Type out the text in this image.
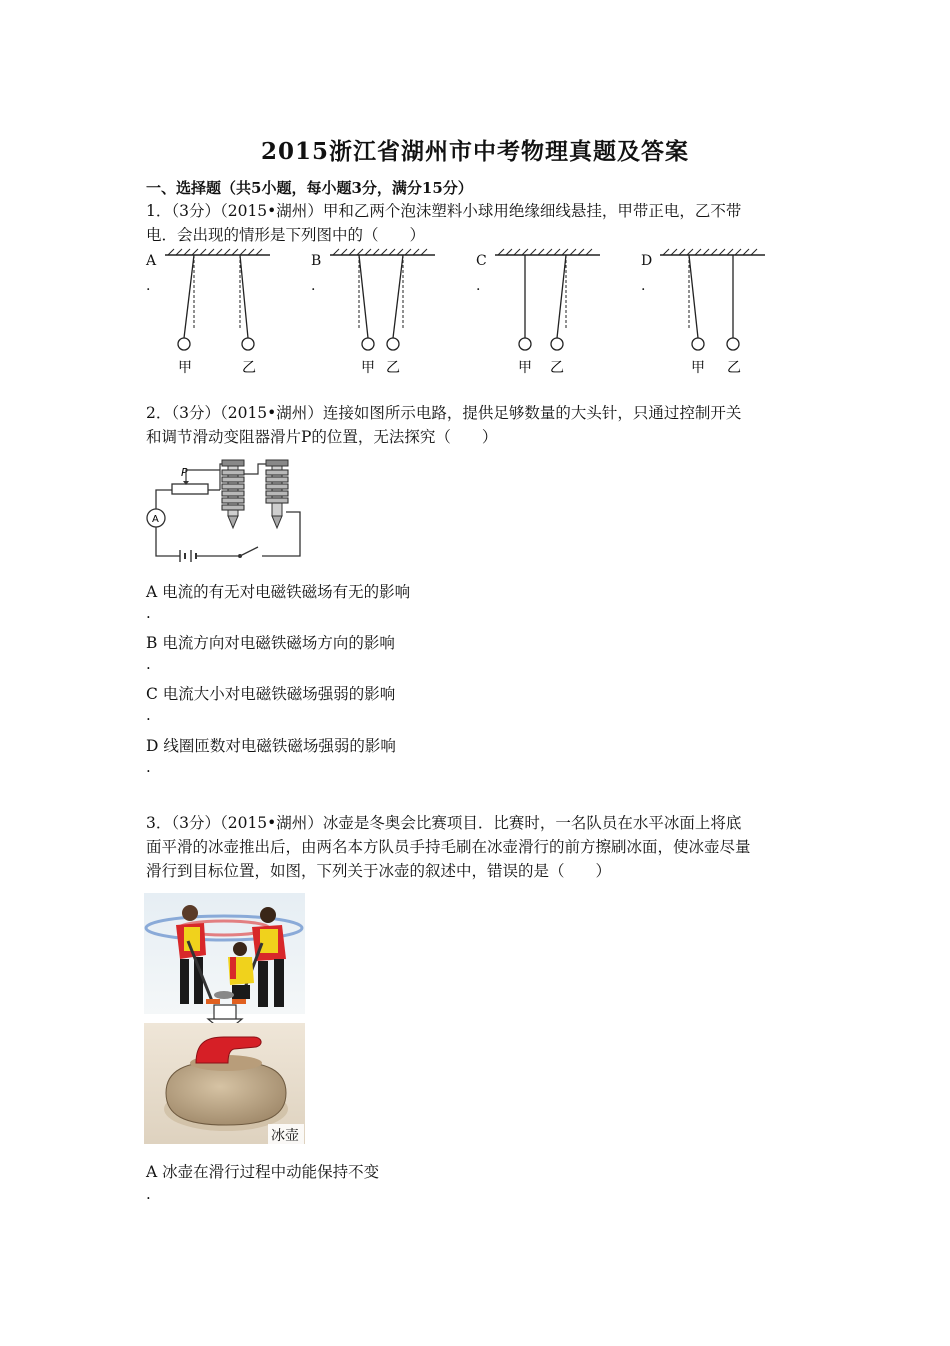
2015浙江省湖州市中考物理真题及答案
一、选择题（共5小题，每小题3分，满分15分）
1．（3分）（2015•湖州）甲和乙两个泡沫塑料小球用绝缘细线悬挂，甲带正电，乙不带
电．会出现的情形是下列图中的（　　）
A
.
B
.
C
.
D
.
甲	乙	甲 乙	甲 乙	甲 乙
2．（3分）（2015•湖州）连接如图所示电路，提供足够数量的大头针，只通过控制开关
和调节滑动变阻器滑片P的位置，无法探究（　　）
P
A
A 电流的有无对电磁铁磁场有无的影响
.
B 电流方向对电磁铁磁场方向的影响
.
C 电流大小对电磁铁磁场强弱的影响
.
D 线圈匝数对电磁铁磁场强弱的影响
.
3．（3分）（2015•湖州）冰壶是冬奥会比赛项目．比赛时，一名队员在水平冰面上将底
面平滑的冰壶推出后，由两名本方队员手持毛刷在冰壶滑行的前方擦刷冰面，使冰壶尽量
滑行到目标位置，如图，下列关于冰壶的叙述中，错误的是（　　）
冰壶
A 冰壶在滑行过程中动能保持不变
.
